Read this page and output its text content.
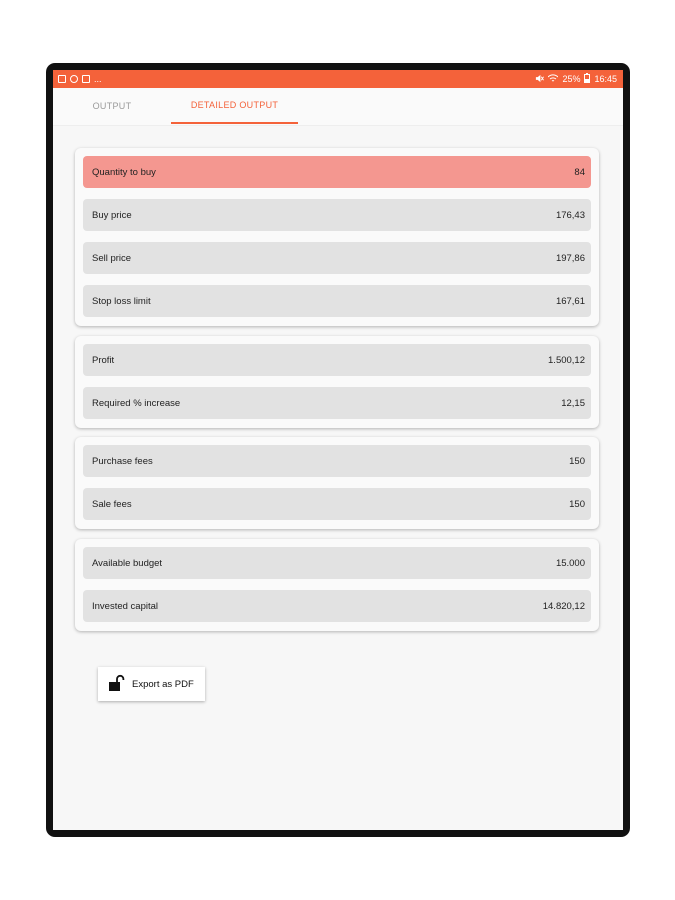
...	25% 16:45
OUTPUT	DETAILED OUTPUT
Quantity to buy	84
Buy price	176,43
Sell price	197,86
Stop loss limit	167,61
Profit	1.500,12
Required % increase	12,15
Purchase fees	150
Sale fees	150
Available budget	15.000
Invested capital	14.820,12
Export as PDF
